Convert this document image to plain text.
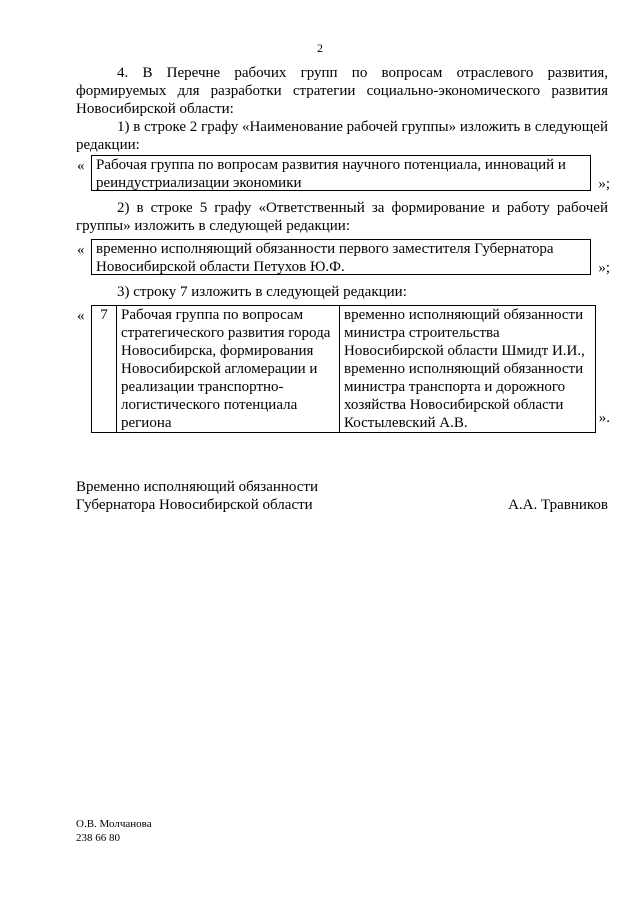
2
4. В Перечне рабочих групп по вопросам отраслевого развития, формируемых для разработки стратегии социально-экономического развития Новосибирской области:
1) в строке 2 графу «Наименование рабочей группы» изложить в следующей редакции:
« Рабочая группа по вопросам развития научного потенциала, инноваций и реиндустриализации экономики	»;
2) в строке 5 графу «Ответственный за формирование и работу рабочей группы» изложить в следующей редакции:
« временно исполняющий обязанности первого заместителя Губернатора Новосибирской области Петухов Ю.Ф.	»;
3) строку 7 изложить в следующей редакции:
« 7	Рабочая группа по вопросам стратегического развития города Новосибирска, формирования Новосибирской агломерации и реализации транспортно-логистического потенциала региона	временно исполняющий обязанности министра строительства Новосибирской области Шмидт И.И., временно исполняющий обязанности министра транспорта и дорожного хозяйства Новосибирской области Костылевский А.В.	».
Временно исполняющий обязанности
Губернатора Новосибирской области	А.А. Травников
О.В. Молчанова
238 66 80
